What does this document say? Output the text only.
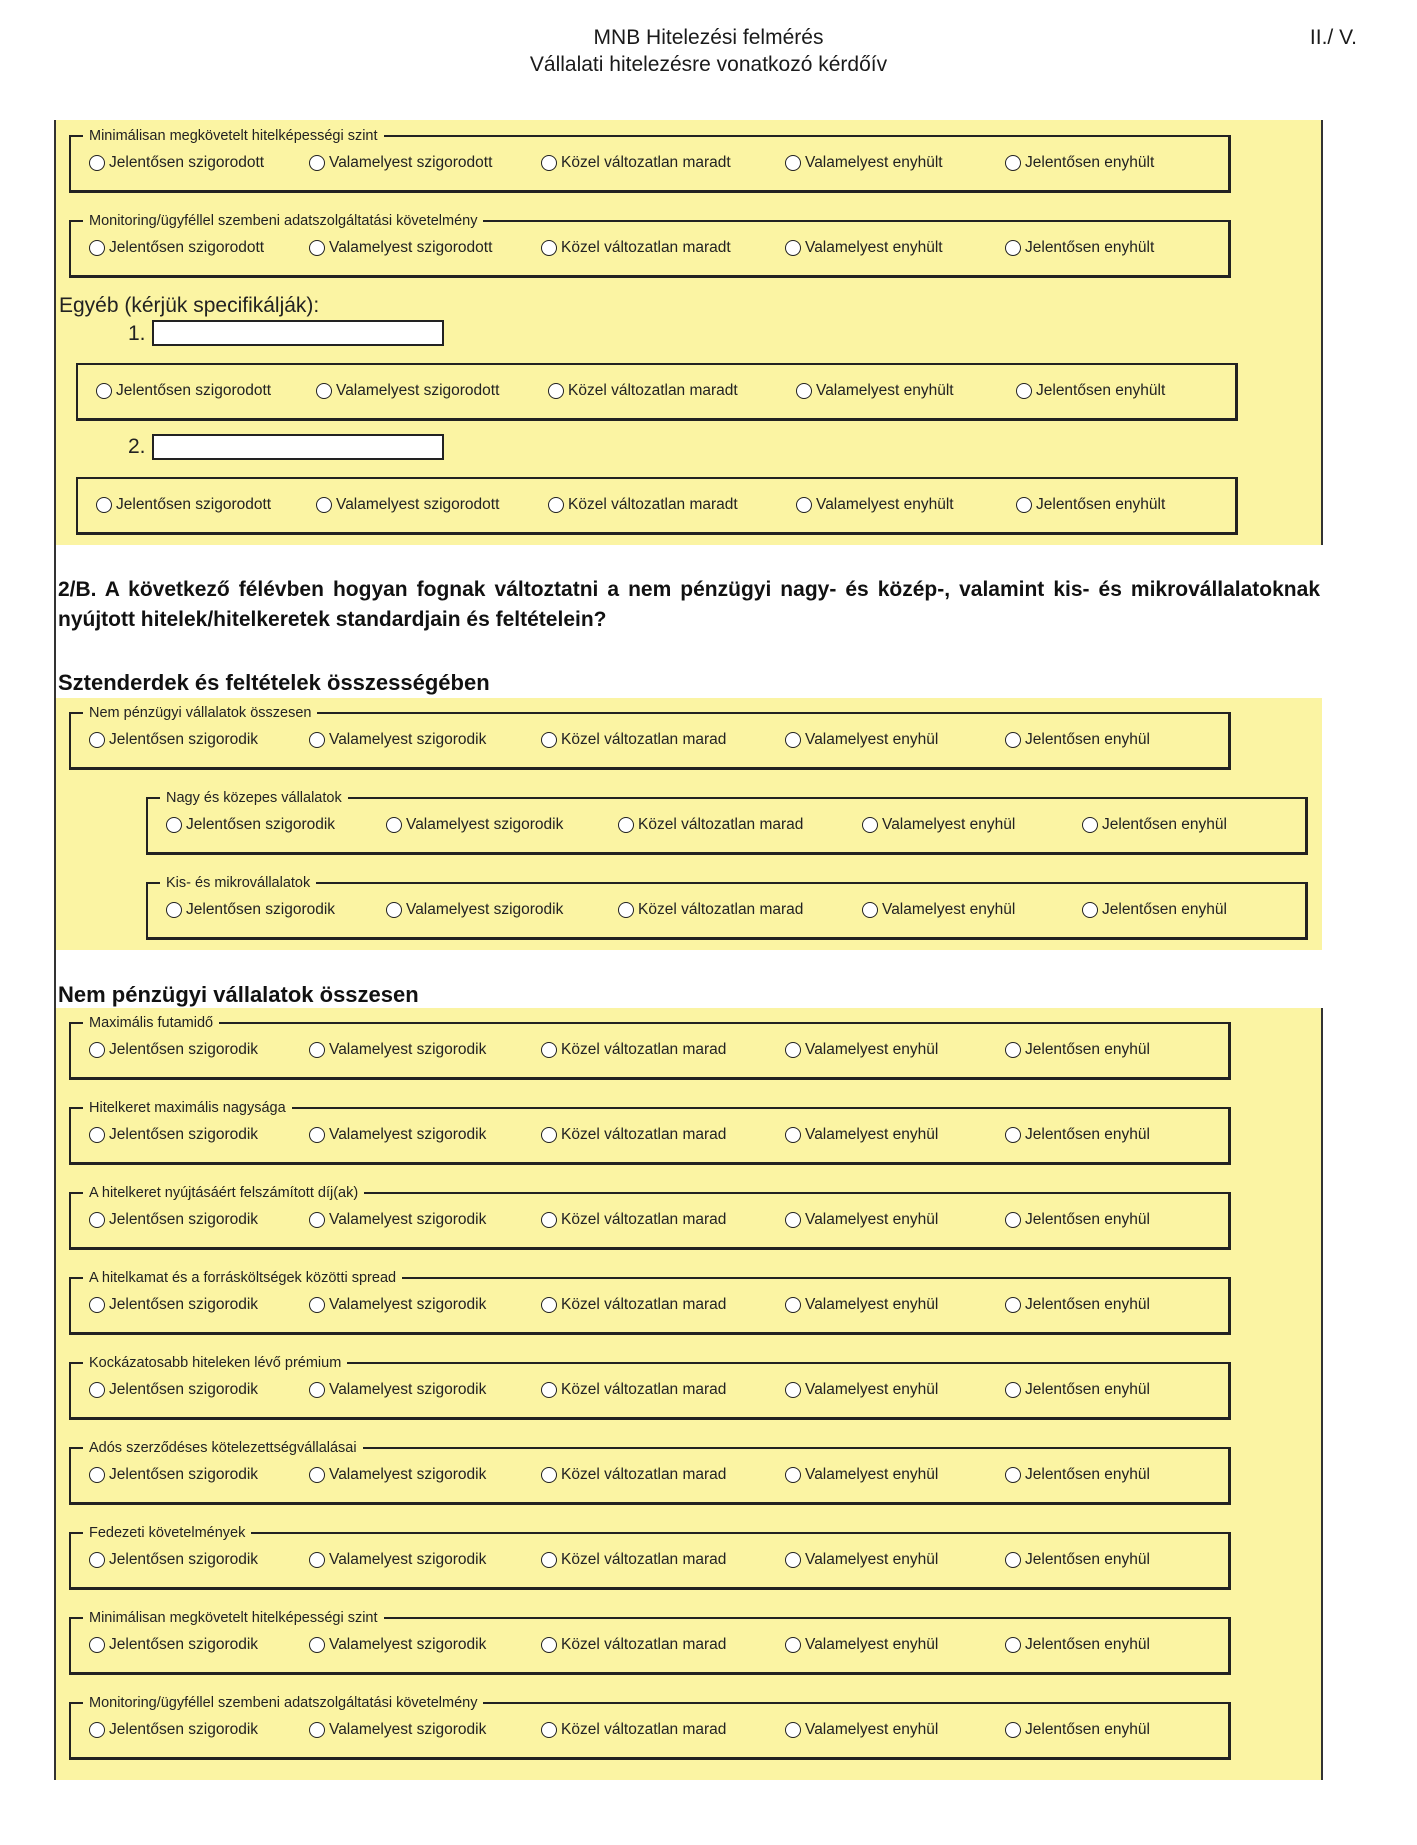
MNB Hitelezési felmérés
Vállalati hitelezésre vonatkozó kérdőív
II./ V.
Egyéb (kérjük specifikálják):
1.
2.
2/B. A következő félévben hogyan fognak változtatni a nem pénzügyi nagy- és közép-, valamint kis- és mikrovállalatoknak nyújtott hitelek/hitelkeretek standardjain és feltételein?
Sztenderdek és feltételek összességében
Nem pénzügyi vállalatok összesen
Minimálisan megkövetelt hitelképességi szint
Jelentősen szigorodott	Valamelyest szigorodott	Közel változatlan maradt	Valamelyest enyhült	Jelentősen enyhült
Monitoring/ügyféllel szembeni adatszolgáltatási követelmény
Jelentősen szigorodott	Valamelyest szigorodott	Közel változatlan maradt	Valamelyest enyhült	Jelentősen enyhült
Jelentősen szigorodott	Valamelyest szigorodott	Közel változatlan maradt	Valamelyest enyhült	Jelentősen enyhült
Jelentősen szigorodott	Valamelyest szigorodott	Közel változatlan maradt	Valamelyest enyhült	Jelentősen enyhült
Nem pénzügyi vállalatok összesen
Jelentősen szigorodik	Valamelyest szigorodik	Közel változatlan marad	Valamelyest enyhül	Jelentősen enyhül
Nagy és közepes vállalatok
Jelentősen szigorodik	Valamelyest szigorodik	Közel változatlan marad	Valamelyest enyhül	Jelentősen enyhül
Kis- és mikrovállalatok
Jelentősen szigorodik	Valamelyest szigorodik	Közel változatlan marad	Valamelyest enyhül	Jelentősen enyhül
Maximális futamidő
Jelentősen szigorodik	Valamelyest szigorodik	Közel változatlan marad	Valamelyest enyhül	Jelentősen enyhül
Hitelkeret maximális nagysága
Jelentősen szigorodik	Valamelyest szigorodik	Közel változatlan marad	Valamelyest enyhül	Jelentősen enyhül
A hitelkeret nyújtásáért felszámított díj(ak)
Jelentősen szigorodik	Valamelyest szigorodik	Közel változatlan marad	Valamelyest enyhül	Jelentősen enyhül
A hitelkamat és a forrásköltségek közötti spread
Jelentősen szigorodik	Valamelyest szigorodik	Közel változatlan marad	Valamelyest enyhül	Jelentősen enyhül
Kockázatosabb hiteleken lévő prémium
Jelentősen szigorodik	Valamelyest szigorodik	Közel változatlan marad	Valamelyest enyhül	Jelentősen enyhül
Adós szerződéses kötelezettségvállalásai
Jelentősen szigorodik	Valamelyest szigorodik	Közel változatlan marad	Valamelyest enyhül	Jelentősen enyhül
Fedezeti követelmények
Jelentősen szigorodik	Valamelyest szigorodik	Közel változatlan marad	Valamelyest enyhül	Jelentősen enyhül
Minimálisan megkövetelt hitelképességi szint
Jelentősen szigorodik	Valamelyest szigorodik	Közel változatlan marad	Valamelyest enyhül	Jelentősen enyhül
Monitoring/ügyféllel szembeni adatszolgáltatási követelmény
Jelentősen szigorodik	Valamelyest szigorodik	Közel változatlan marad	Valamelyest enyhül	Jelentősen enyhül
